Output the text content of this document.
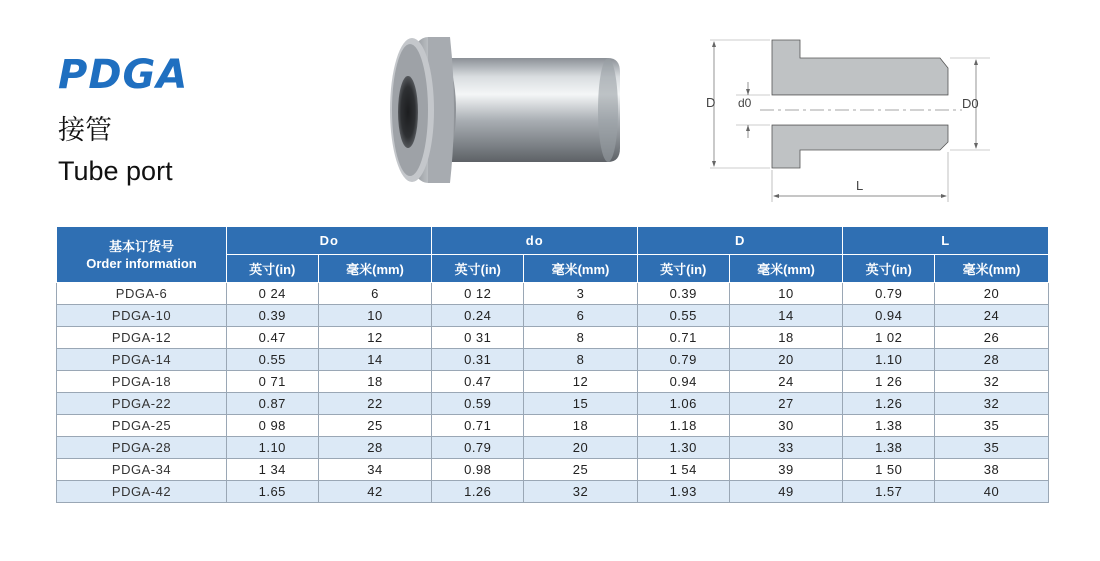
PDGA
接管
Tube port
D d0	D0
L
基本订货号
Order information	Do		do		D		L	
	英寸(in)	毫米(mm)	英寸(in)	毫米(mm)	英寸(in)	毫米(mm)	英寸(in)	毫米(mm)
PDGA-6	0 24	6	0 12	3	0.39	10	0.79	20
PDGA-10	0.39	10	0.24	6	0.55	14	0.94	24
PDGA-12	0.47	12	0 31	8	0.71	18	1 02	26
PDGA-14	0.55	14	0.31	8	0.79	20	1.10	28
PDGA-18	0 71	18	0.47	12	0.94	24	1 26	32
PDGA-22	0.87	22	0.59	15	1.06	27	1.26	32
PDGA-25	0 98	25	0.71	18	1.18	30	1.38	35
PDGA-28	1.10	28	0.79	20	1.30	33	1.38	35
PDGA-34	1 34	34	0.98	25	1 54	39	1 50	38
PDGA-42	1.65	42	1.26	32	1.93	49	1.57	40
